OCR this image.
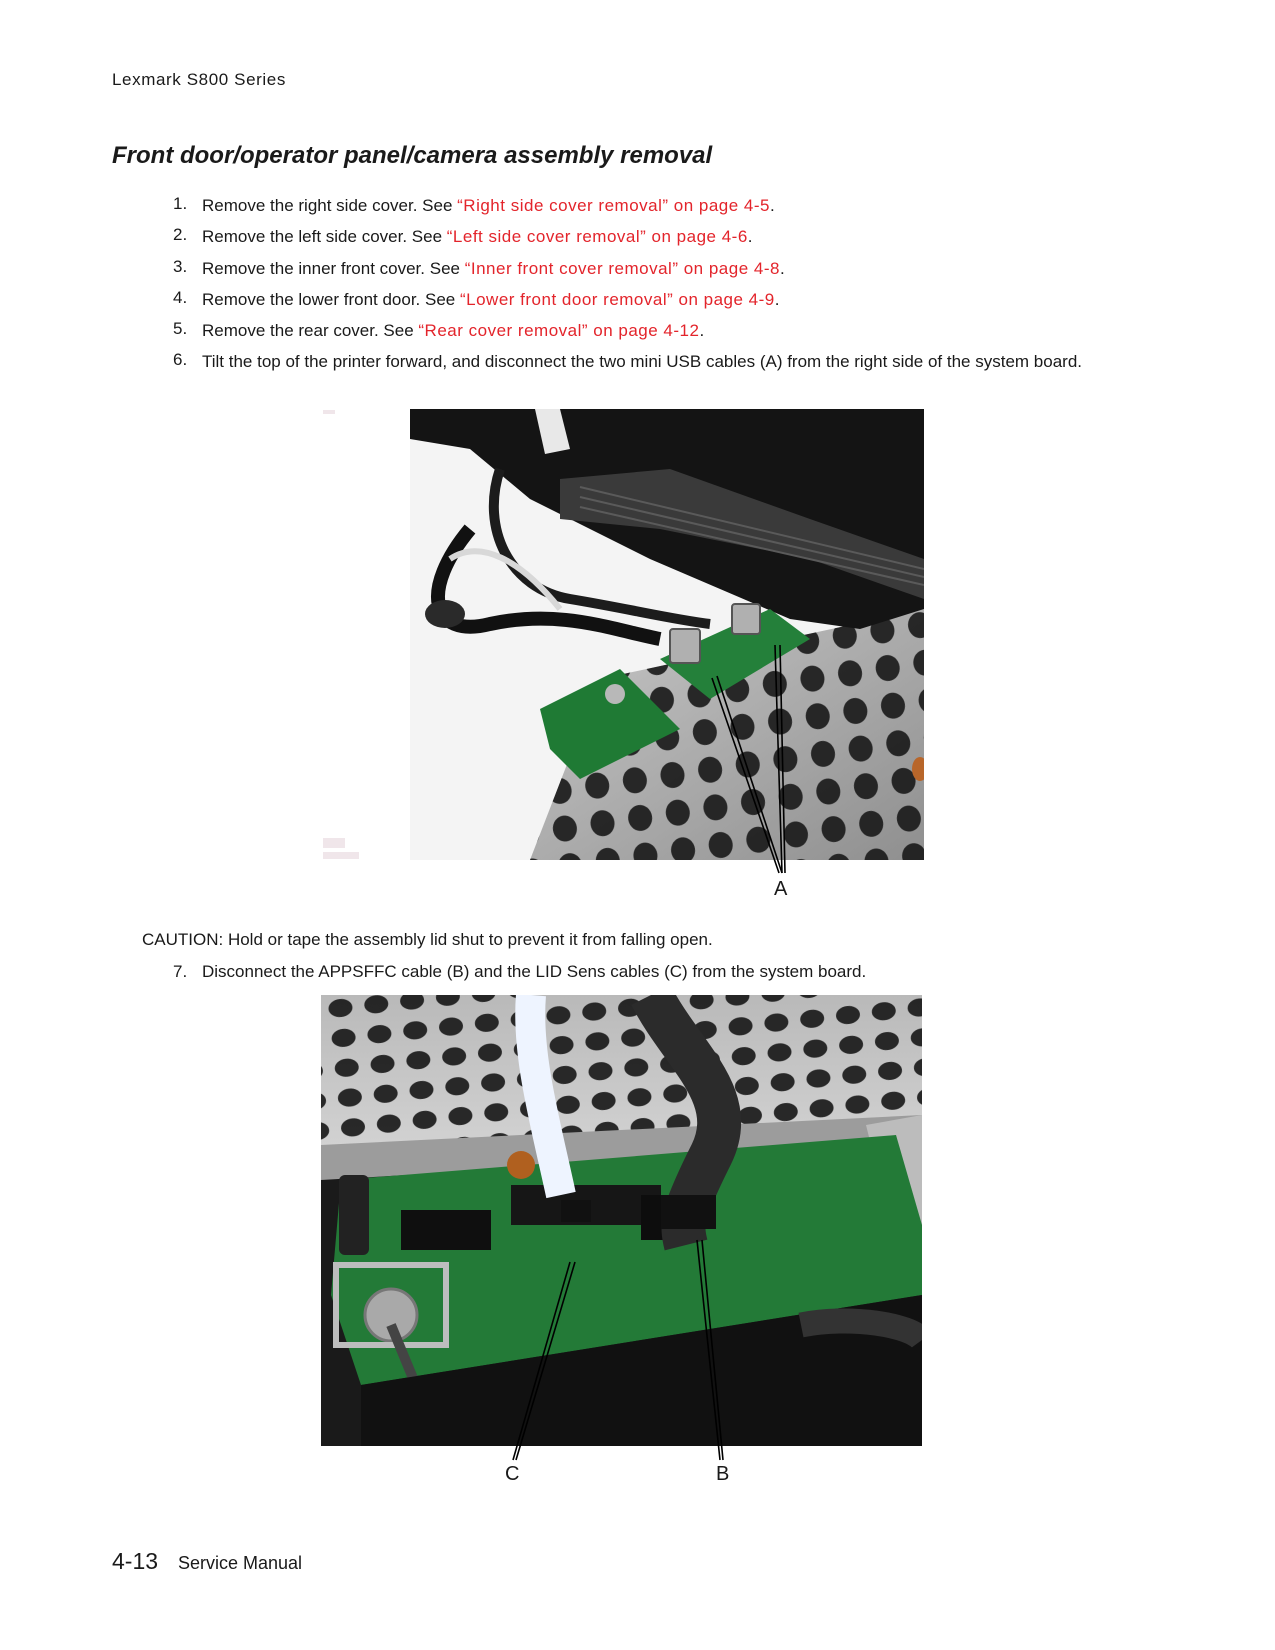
Lexmark S800 Series
Front door/operator panel/camera assembly removal
1. Remove the right side cover. See “Right side cover removal” on page 4-5.
2. Remove the left side cover. See “Left side cover removal” on page 4-6.
3. Remove the inner front cover. See “Inner front cover removal” on page 4-8.
4. Remove the lower front door. See “Lower front door removal” on page 4-9.
5. Remove the rear cover. See “Rear cover removal” on page 4-12.
6. Tilt the top of the printer forward, and disconnect the two mini USB cables (A) from the right side of the system board.
A
CAUTION: Hold or tape the assembly lid shut to prevent it from falling open.
7. Disconnect the APPSFFC cable (B) and the LID Sens cables (C) from the system board.
C	B
4-13 Service Manual
